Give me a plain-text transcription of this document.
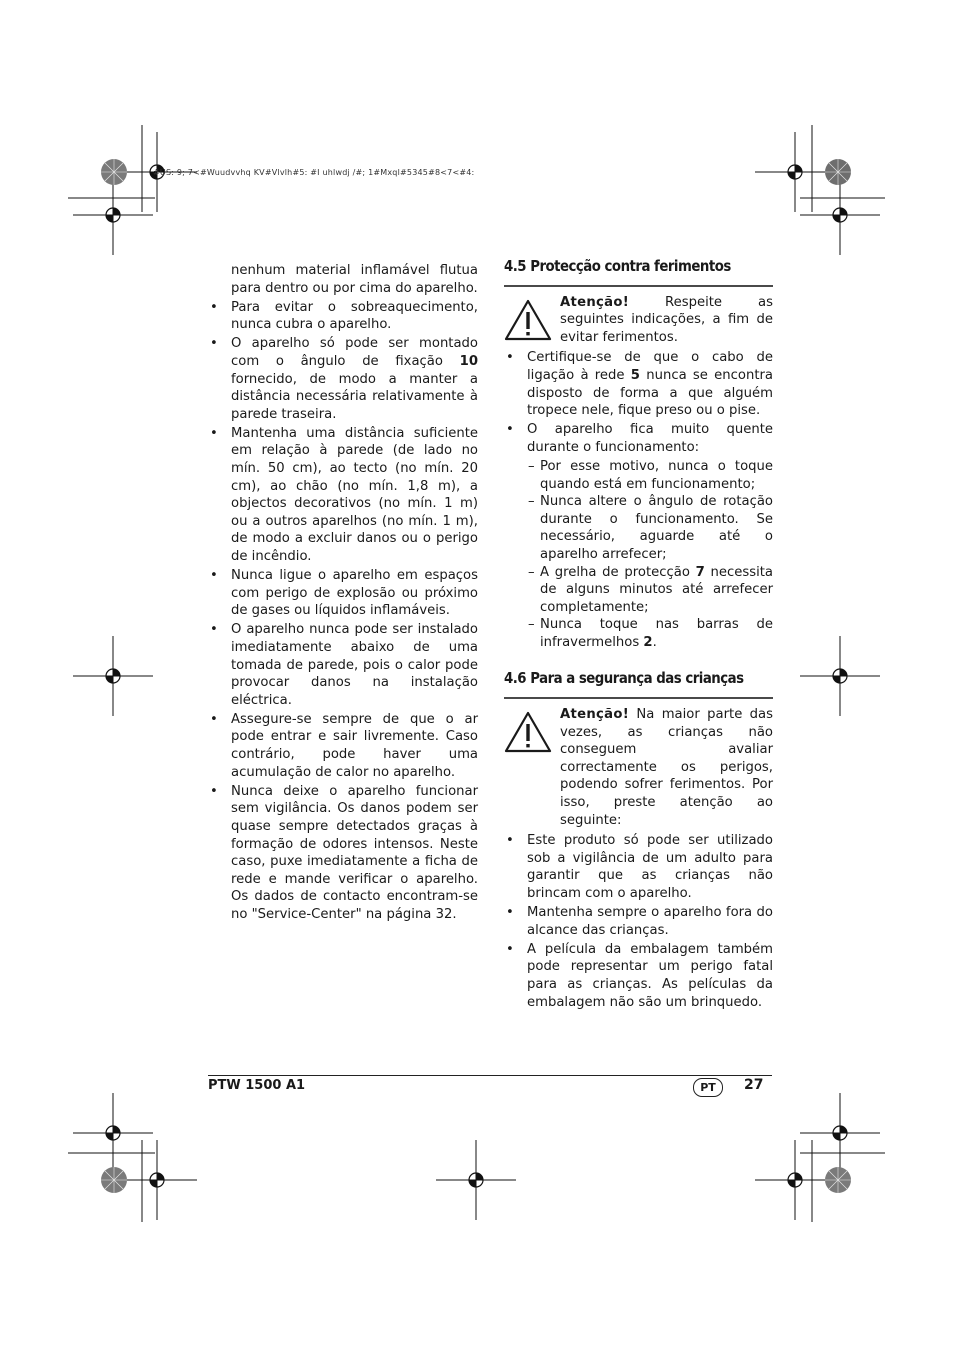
#US: 9; 7<#Wuudvvhq KV#Vlvlh#5: #I uhlwdj /#; 1#Mxql#5345#8<7<#4:

nenhum material inflamável flutua para dentro ou por cima do aparelho.

• Para evitar o sobreaquecimento, nunca cubra o aparelho.
• O aparelho só pode ser montado com o ângulo de fixação 10 fornecido, de modo a manter a distância necessária relativamente à parede traseira.
• Mantenha uma distância suficiente em relação à parede (de lado no mín. 50 cm), ao tecto (no mín. 20 cm), ao chão (no mín. 1,8 m), a objectos decorativos (no mín. 1 m) ou a outros aparelhos (no mín. 1 m), de modo a excluir danos ou o perigo de incêndio.
• Nunca ligue o aparelho em espaços com perigo de explosão ou próximo de gases ou líquidos inflamáveis.
• O aparelho nunca pode ser instalado imediatamente abaixo de uma tomada de parede, pois o calor pode provocar danos na instalação eléctrica.
• Assegure-se sempre de que o ar pode entrar e sair livremente. Caso contrário, pode haver uma acumulação de calor no aparelho.
• Nunca deixe o aparelho funcionar sem vigilância. Os danos podem ser quase sempre detectados graças à formação de odores intensos. Neste caso, puxe imediatamente a ficha de rede e mande verificar o aparelho. Os dados de contacto encontram-se no "Service-Center" na página 32.
4.5 Protecção contra ferimentos
Atenção! Respeite as seguintes indicações, a fim de evitar ferimentos.
• Certifique-se de que o cabo de ligação à rede 5 nunca se encontra disposto de forma a que alguém tropece nele, fique preso ou o pise.
• O aparelho fica muito quente durante o funcionamento:
– Por esse motivo, nunca o toque quando está em funcionamento;
– Nunca altere o ângulo de rotação durante o funcionamento. Se necessário, aguarde até o aparelho arrefecer;
– A grelha de protecção 7 necessita de alguns minutos até arrefecer completamente;
– Nunca toque nas barras de infravermelhos 2.
4.6 Para a segurança das crianças
Atenção! Na maior parte das vezes, as crianças não conseguem avaliar correctamente os perigos, podendo sofrer ferimentos. Por isso, preste atenção ao seguinte:
• Este produto só pode ser utilizado sob a vigilância de um adulto para garantir que as crianças não brincam com o aparelho.
• Mantenha sempre o aparelho fora do alcance das crianças.
• A película da embalagem também pode representar um perigo fatal para as crianças. As películas da embalagem não são um brinquedo.
PTW 1500 A1	PT	27
